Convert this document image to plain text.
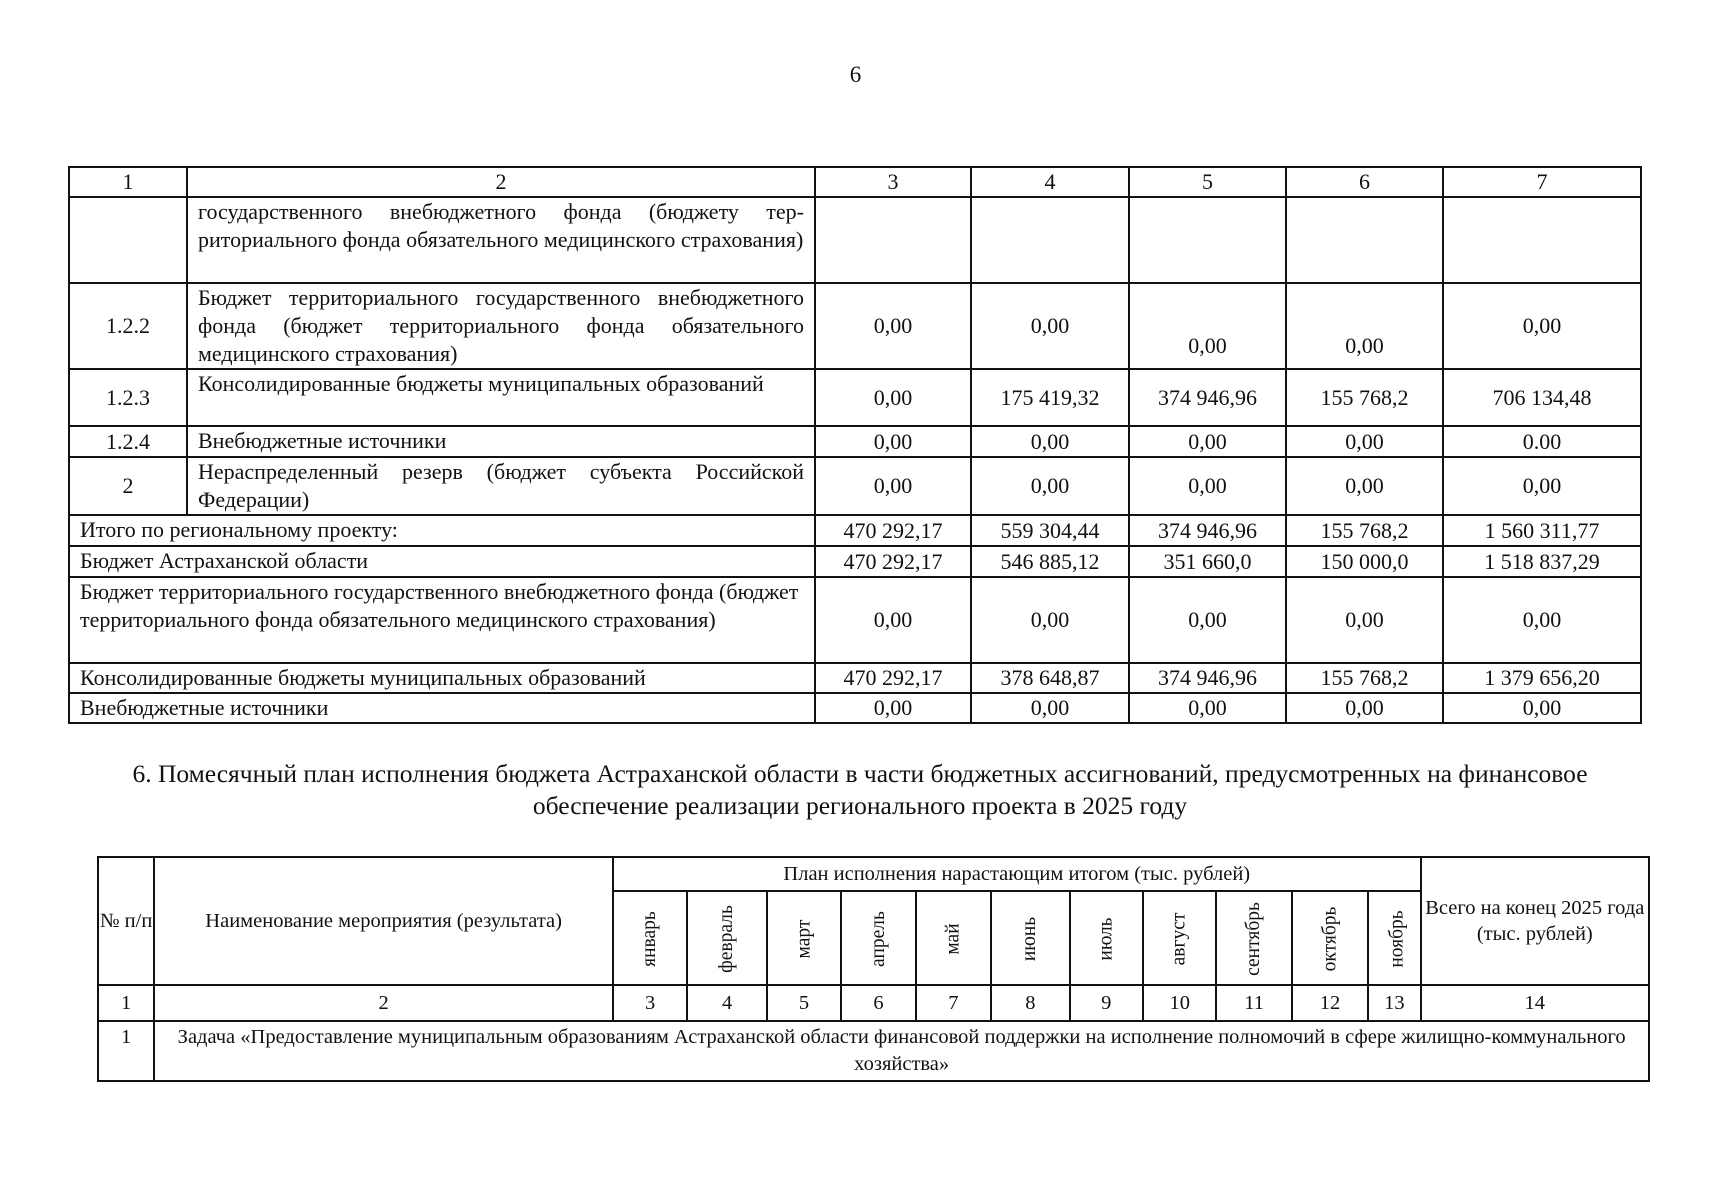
6
1	2	3	4	5	6	7
	государственного внебюджетного фонда (бюджету территориального фонда обязательного медицинского страхования)					
1.2.2	Бюджет территориального государственного внебюджетного фонда (бюджет территориального фонда обязательного медицинского страхования)	0,00	0,00	0,00	0,00	0,00
1.2.3	Консолидированные бюджеты муниципальных образований	0,00	175 419,32	374 946,96	155 768,2	706 134,48
1.2.4	Внебюджетные источники	0,00	0,00	0,00	0,00	0.00
2	Нераспределенный резерв (бюджет субъекта Российской Федерации)	0,00	0,00	0,00	0,00	0,00
Итого по региональному проекту:		470 292,17	559 304,44	374 946,96	155 768,2	1 560 311,77
Бюджет Астраханской области		470 292,17	546 885,12	351 660,0	150 000,0	1 518 837,29
Бюджет территориального государственного внебюджетного фонда (бюджет территориального фонда обязательного медицинского страхования)		0,00	0,00	0,00	0,00	0,00
Консолидированные бюджеты муниципальных образований		470 292,17	378 648,87	374 946,96	155 768,2	1 379 656,20
Внебюджетные источники		0,00	0,00	0,00	0,00	0,00
6. Помесячный план исполнения бюджета Астраханской области в части бюджетных ассигнований, предусмотренных на финансовое обеспечение реализации регионального проекта в 2025 году
№ п/п	Наименование мероприятия (результата)	План исполнения нарастающим итогом (тыс. рублей)											Всего на конец 2025 года (тыс. рублей)
		январь	февраль	март	апрель	май	июнь	июль	август	сентябрь	октябрь	ноябрь	
1	2	3	4	5	6	7	8	9	10	11	12	13	14
1	Задача «Предоставление муниципальным образованиям Астраханской области финансовой поддержки на исполнение полномочий в сфере жилищно-коммунального хозяйства»												
